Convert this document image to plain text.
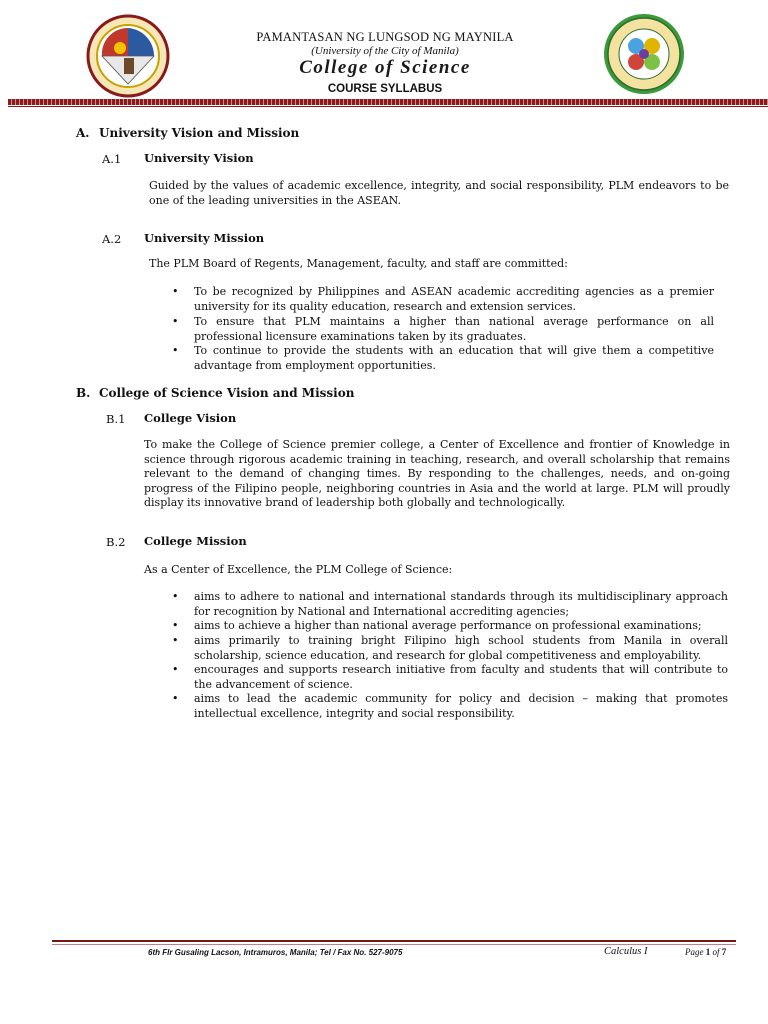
PAMANTASAN NG LUNGSOD NG MAYNILA
(University of the City of Manila)
College of Science
COURSE SYLLABUS
A. University Vision and Mission
A.1 University Vision
Guided by the values of academic excellence, integrity, and social responsibility, PLM endeavors to be one of the leading universities in the ASEAN.
A.2 University Mission
The PLM Board of Regents, Management, faculty, and staff are committed:
• To be recognized by Philippines and ASEAN academic accrediting agencies as a premier university for its quality education, research and extension services.
• To ensure that PLM maintains a higher than national average performance on all professional licensure examinations taken by its graduates.
• To continue to provide the students with an education that will give them a competitive advantage from employment opportunities.
B. College of Science Vision and Mission
B.1 College Vision
To make the College of Science premier college, a Center of Excellence and frontier of Knowledge in science through rigorous academic training in teaching, research, and overall scholarship that remains relevant to the demand of changing times. By responding to the challenges, needs, and on-going progress of the Filipino people, neighboring countries in Asia and the world at large. PLM will proudly display its innovative brand of leadership both globally and technologically.
B.2 College Mission
As a Center of Excellence, the PLM College of Science:
• aims to adhere to national and international standards through its multidisciplinary approach for recognition by National and International accrediting agencies;
• aims to achieve a higher than national average performance on professional examinations;
• aims primarily to training bright Filipino high school students from Manila in overall scholarship, science education, and research for global competitiveness and employability.
• encourages and supports research initiative from faculty and students that will contribute to the advancement of science.
• aims to lead the academic community for policy and decision – making that promotes intellectual excellence, integrity and social responsibility.
6th Flr Gusaling Lacson, Intramuros, Manila; Tel / Fax No. 527-9075	Calculus I	Page 1 of 7
